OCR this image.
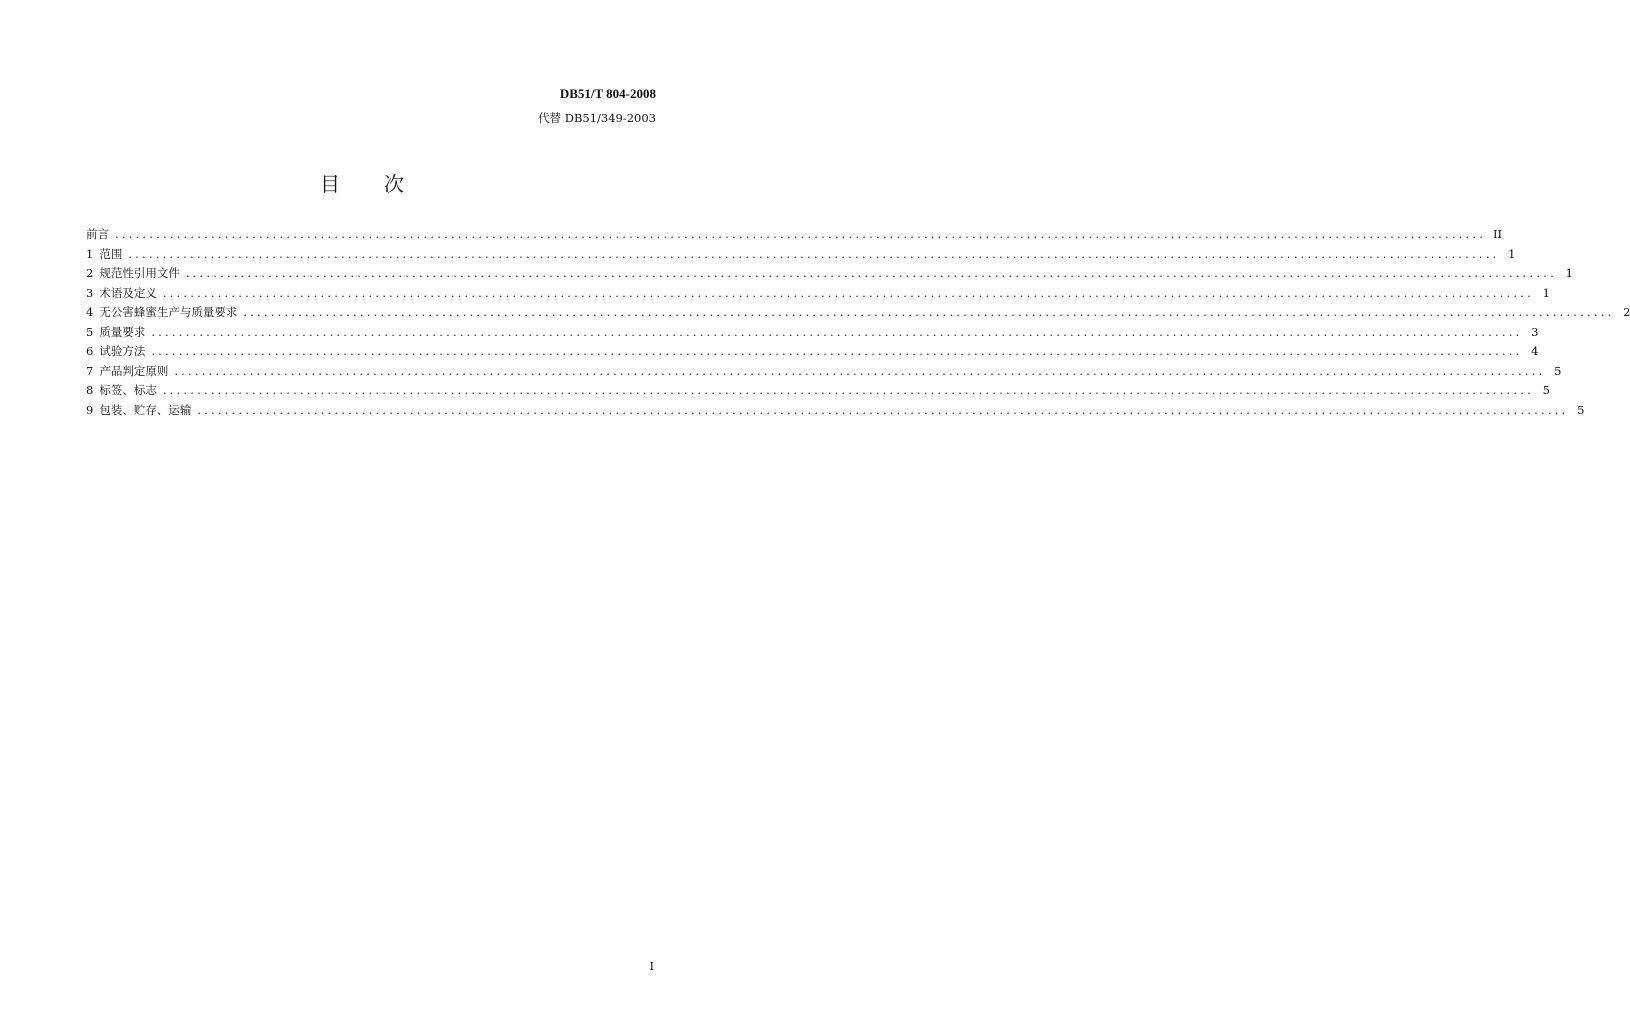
DB51/T 804-2008
代替 DB51/349-2003
目 次
前言 ........................................................................................................................................................................................................ II
1 范围 ........................................................................................................................................................................................................ 1
2 规范性引用文件 ........................................................................................................................................................................................................ 1
3 术语及定义 ........................................................................................................................................................................................................ 1
4 无公害蜂蜜生产与质量要求 ........................................................................................................................................................................................................ 2
5 质量要求 ........................................................................................................................................................................................................ 3
6 试验方法 ........................................................................................................................................................................................................ 4
7 产品判定原则 ........................................................................................................................................................................................................ 5
8 标签、标志 ........................................................................................................................................................................................................ 5
9 包装、贮存、运输 ........................................................................................................................................................................................................ 5
I
